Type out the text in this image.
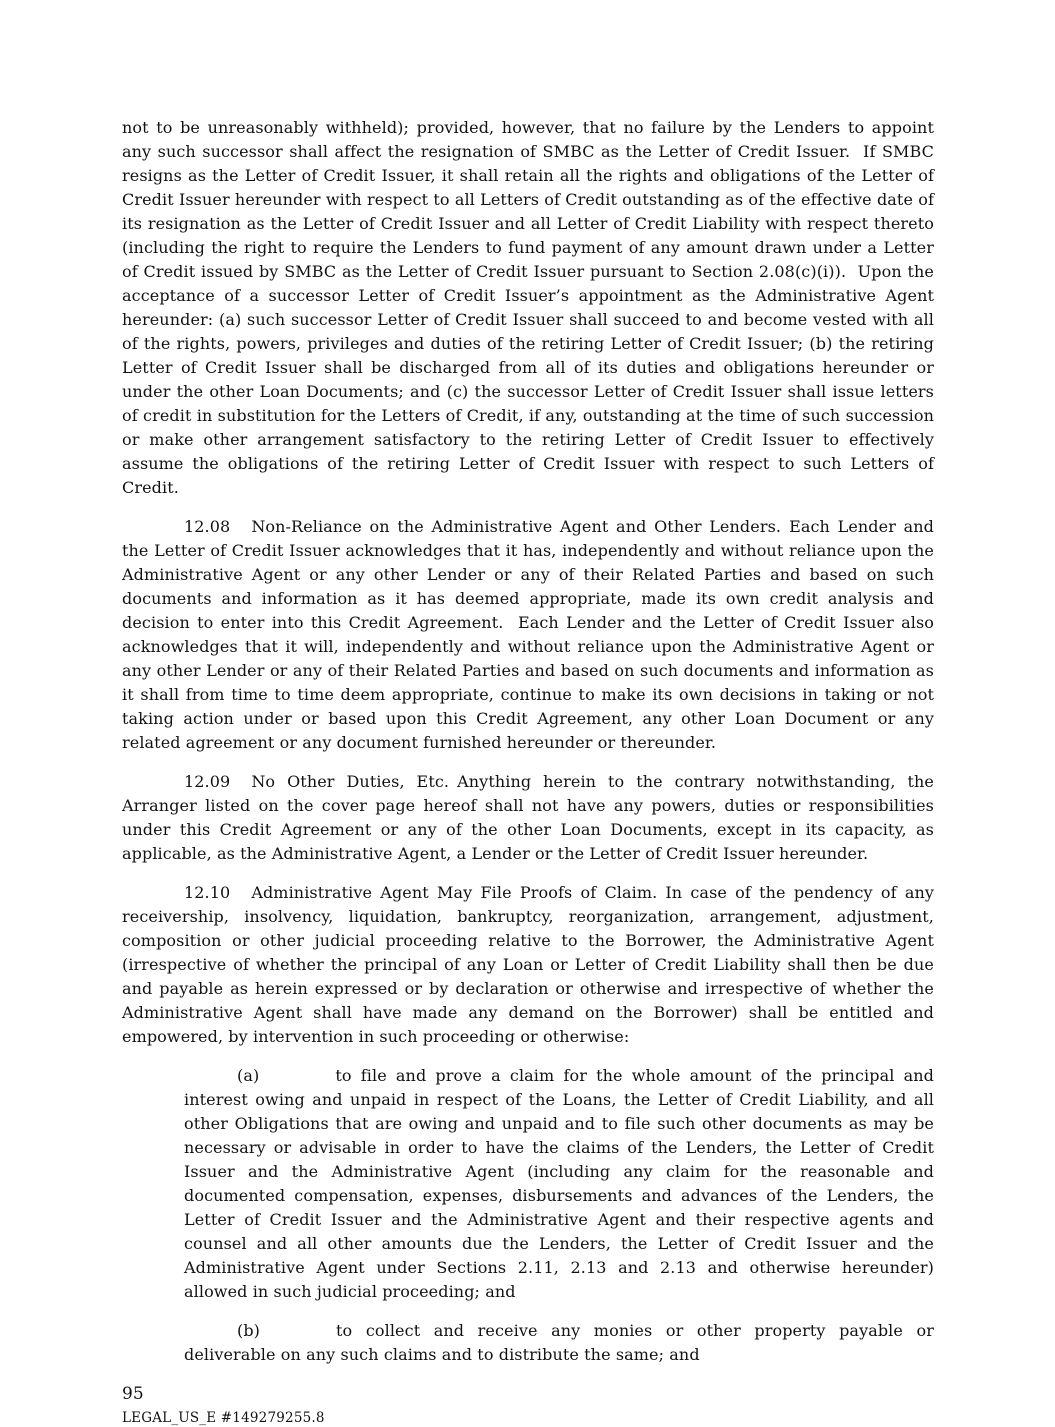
not to be unreasonably withheld); provided, however, that no failure by the Lenders to appoint any such successor shall affect the resignation of SMBC as the Letter of Credit Issuer.  If SMBC resigns as the Letter of Credit Issuer, it shall retain all the rights and obligations of the Letter of Credit Issuer hereunder with respect to all Letters of Credit outstanding as of the effective date of its resignation as the Letter of Credit Issuer and all Letter of Credit Liability with respect thereto (including the right to require the Lenders to fund payment of any amount drawn under a Letter of Credit issued by SMBC as the Letter of Credit Issuer pursuant to Section 2.08(c)(i)).  Upon the acceptance of a successor Letter of Credit Issuer’s appointment as the Administrative Agent hereunder: (a) such successor Letter of Credit Issuer shall succeed to and become vested with all of the rights, powers, privileges and duties of the retiring Letter of Credit Issuer; (b) the retiring Letter of Credit Issuer shall be discharged from all of its duties and obligations hereunder or under the other Loan Documents; and (c) the successor Letter of Credit Issuer shall issue letters of credit in substitution for the Letters of Credit, if any, outstanding at the time of such succession or make other arrangement satisfactory to the retiring Letter of Credit Issuer to effectively assume the obligations of the retiring Letter of Credit Issuer with respect to such Letters of Credit.

12.08 Non-Reliance on the Administrative Agent and Other Lenders. Each Lender and the Letter of Credit Issuer acknowledges that it has, independently and without reliance upon the Administrative Agent or any other Lender or any of their Related Parties and based on such documents and information as it has deemed appropriate, made its own credit analysis and decision to enter into this Credit Agreement.  Each Lender and the Letter of Credit Issuer also acknowledges that it will, independently and without reliance upon the Administrative Agent or any other Lender or any of their Related Parties and based on such documents and information as it shall from time to time deem appropriate, continue to make its own decisions in taking or not taking action under or based upon this Credit Agreement, any other Loan Document or any related agreement or any document furnished hereunder or thereunder.

12.09 No Other Duties, Etc. Anything herein to the contrary notwithstanding, the Arranger listed on the cover page hereof shall not have any powers, duties or responsibilities under this Credit Agreement or any of the other Loan Documents, except in its capacity, as applicable, as the Administrative Agent, a Lender or the Letter of Credit Issuer hereunder.

12.10 Administrative Agent May File Proofs of Claim. In case of the pendency of any receivership, insolvency, liquidation, bankruptcy, reorganization, arrangement, adjustment, composition or other judicial proceeding relative to the Borrower, the Administrative Agent (irrespective of whether the principal of any Loan or Letter of Credit Liability shall then be due and payable as herein expressed or by declaration or otherwise and irrespective of whether the Administrative Agent shall have made any demand on the Borrower) shall be entitled and empowered, by intervention in such proceeding or otherwise:

(a)	to file and prove a claim for the whole amount of the principal and interest owing and unpaid in respect of the Loans, the Letter of Credit Liability, and all other Obligations that are owing and unpaid and to file such other documents as may be necessary or advisable in order to have the claims of the Lenders, the Letter of Credit Issuer and the Administrative Agent (including any claim for the reasonable and documented compensation, expenses, disbursements and advances of the Lenders, the Letter of Credit Issuer and the Administrative Agent and their respective agents and counsel and all other amounts due the Lenders, the Letter of Credit Issuer and the Administrative Agent under Sections 2.11, 2.13 and 2.13 and otherwise hereunder) allowed in such judicial proceeding; and

(b)	to collect and receive any monies or other property payable or deliverable on any such claims and to distribute the same; and

95
LEGAL_US_E #149279255.8
